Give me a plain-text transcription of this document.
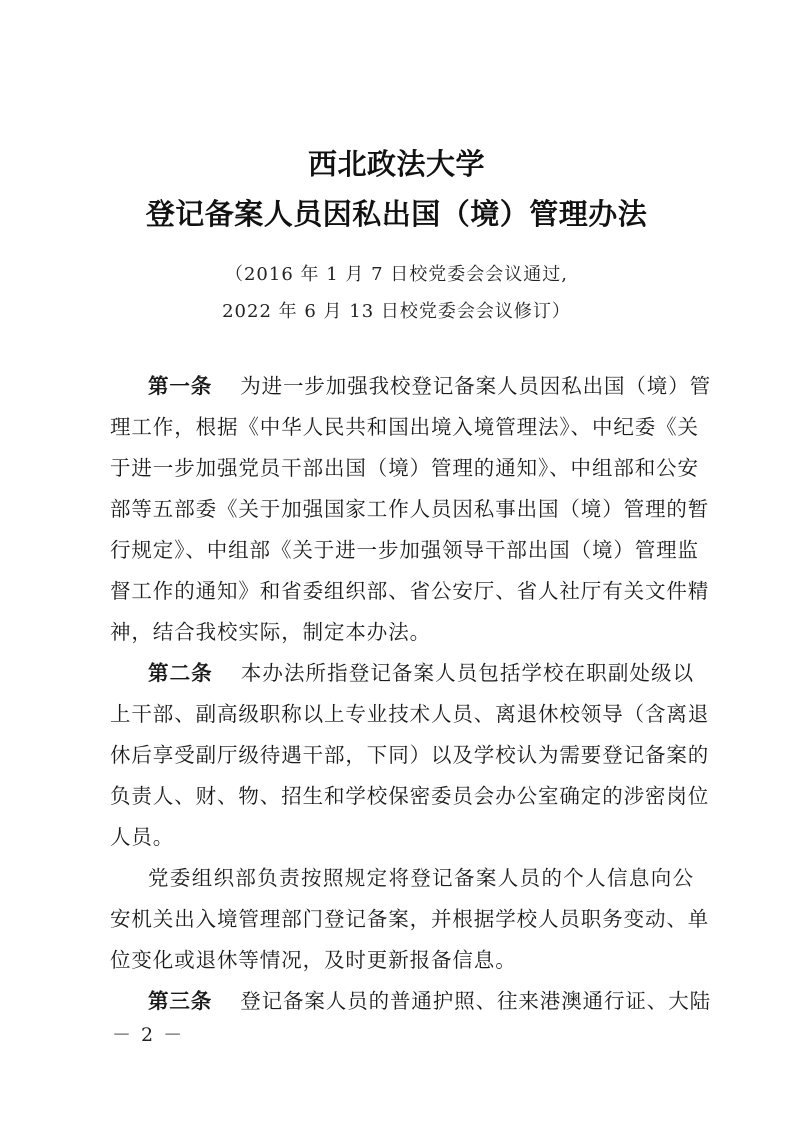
西北政法大学
登记备案人员因私出国（境）管理办法
（2016 年 1 月 7 日校党委会会议通过,
2022 年 6 月 13 日校党委会会议修订）
第一条 为进一步加强我校登记备案人员因私出国（境）管
理工作，根据《中华人民共和国出境入境管理法》、中纪委《关
于进一步加强党员干部出国（境）管理的通知》、中组部和公安
部等五部委《关于加强国家工作人员因私事出国（境）管理的暂
行规定》、中组部《关于进一步加强领导干部出国（境）管理监
督工作的通知》和省委组织部、省公安厅、省人社厅有关文件精
神，结合我校实际，制定本办法。
第二条 本办法所指登记备案人员包括学校在职副处级以
上干部、副高级职称以上专业技术人员、离退休校领导（含离退
休后享受副厅级待遇干部，下同）以及学校认为需要登记备案的
负责人、财、物、招生和学校保密委员会办公室确定的涉密岗位
人员。
党委组织部负责按照规定将登记备案人员的个人信息向公
安机关出入境管理部门登记备案，并根据学校人员职务变动、单
位变化或退休等情况，及时更新报备信息。
第三条 登记备案人员的普通护照、往来港澳通行证、大陆
－ 2 －
